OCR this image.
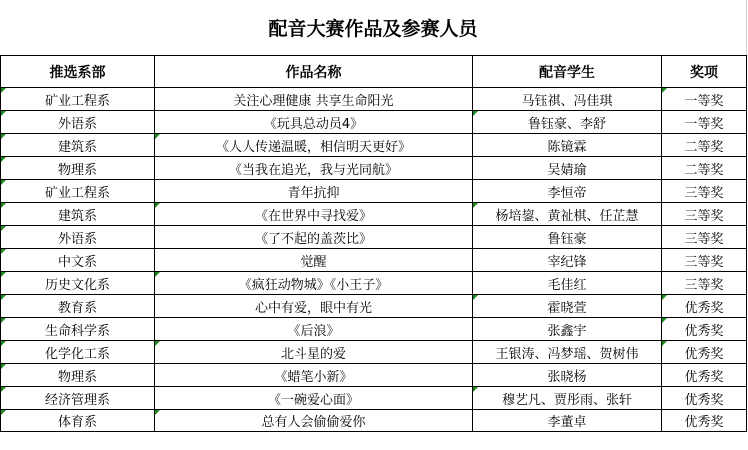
配音大赛作品及参赛人员
推选系部	作品名称	配音学生	奖项
矿业工程系	关注心理健康 共享生命阳光	马钰祺、冯佳琪	一等奖
外语系	《玩具总动员4》	鲁钰豪、李舒	一等奖
建筑系	《人人传递温暖，相信明天更好》	陈镜霖	二等奖
物理系	《当我在追光，我与光同航》	吴婧瑜	二等奖
矿业工程系	青年抗抑	李恒帝	三等奖
建筑系	《在世界中寻找爱》	杨培鋆、黄祉棋、任芷慧	三等奖
外语系	《了不起的盖茨比》	鲁钰豪	三等奖
中文系	觉醒	宰纪锋	三等奖
历史文化系	《疯狂动物城》《小王子》	毛佳红	三等奖
教育系	心中有爱，眼中有光	霍晓萱	优秀奖
生命科学系	《后浪》	张鑫宇	优秀奖
化学化工系	北斗星的爱	王银涛、冯梦瑶、贺树伟	优秀奖
物理系	《蜡笔小新》	张晓杨	优秀奖
经济管理系	《一碗爱心面》	穆艺凡、贾彤雨、张轩	优秀奖
体育系	总有人会偷偷爱你	李董卓	优秀奖
